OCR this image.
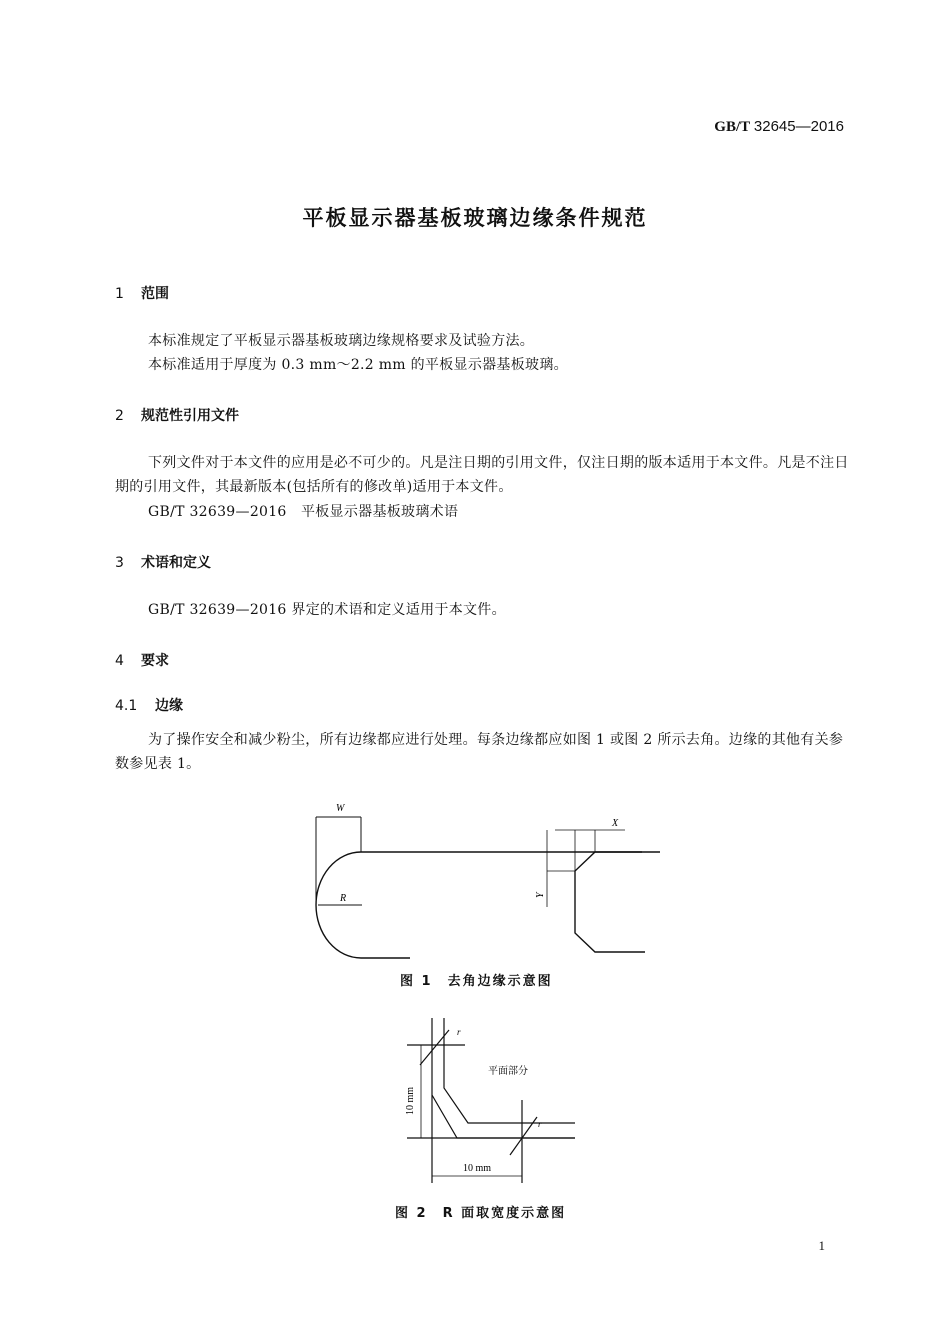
GB/T 32645—2016
平板显示器基板玻璃边缘条件规范
1 范围
本标准规定了平板显示器基板玻璃边缘规格要求及试验方法。
本标准适用于厚度为 0.3 mm～2.2 mm 的平板显示器基板玻璃。
2 规范性引用文件
下列文件对于本文件的应用是必不可少的。凡是注日期的引用文件，仅注日期的版本适用于本文件。凡是不注日期的引用文件，其最新版本(包括所有的修改单)适用于本文件。
GB/T 32639—2016　平板显示器基板玻璃术语
3 术语和定义
GB/T 32639—2016 界定的术语和定义适用于本文件。
4 要求
4.1 边缘
为了操作安全和减少粉尘，所有边缘都应进行处理。每条边缘都应如图 1 或图 2 所示去角。边缘的其他有关参数参见表 1。
W
R
X
Y
图 1　去角边缘示意图
r
r
平面部分
10 mm
10 mm
图 2　R 面取宽度示意图
1
